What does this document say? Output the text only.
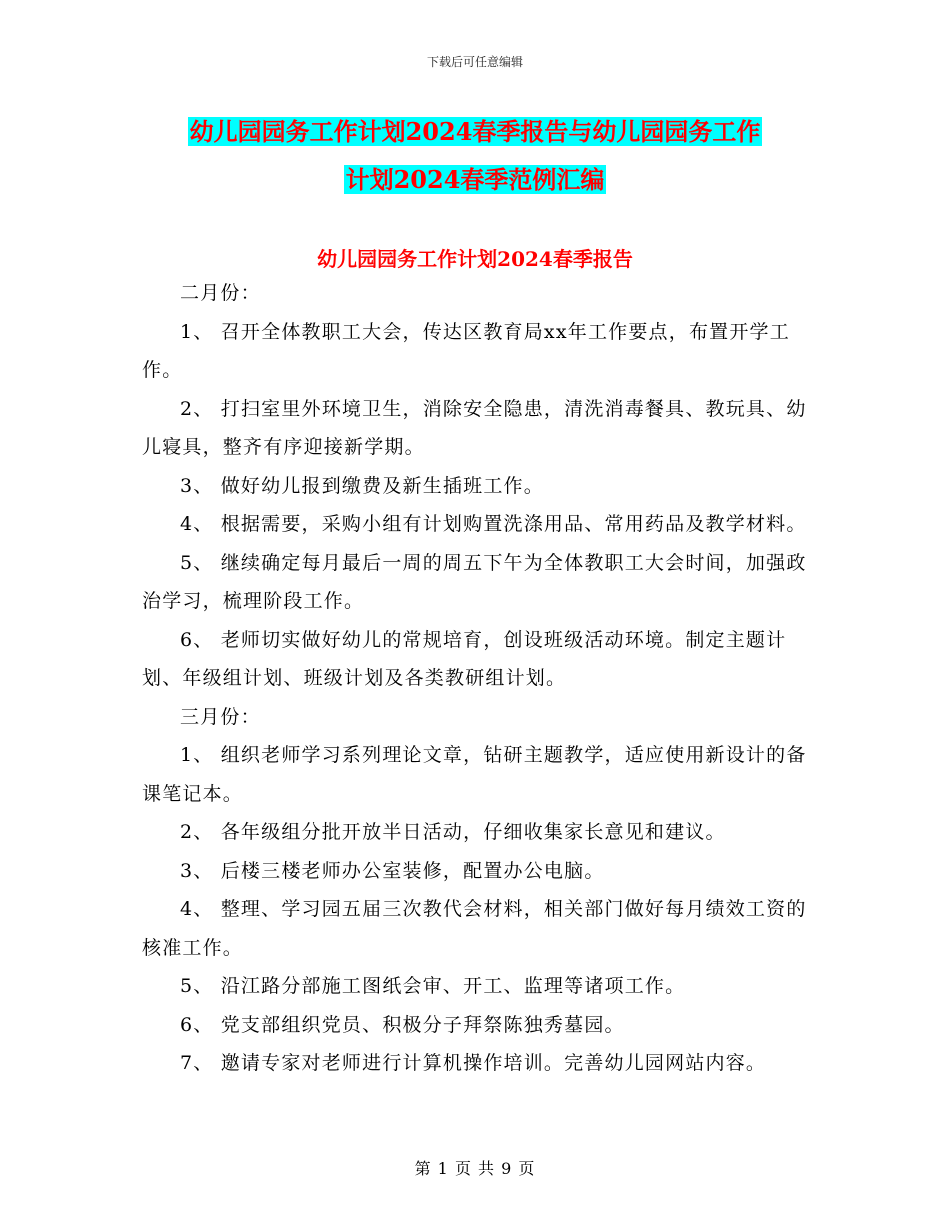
下载后可任意编辑
幼儿园园务工作计划2024春季报告与幼儿园园务工作
计划2024春季范例汇编
幼儿园园务工作计划2024春季报告

二月份：

1、 召开全体教职工大会，传达区教育局xx年工作要点，布置开学工作。

2、 打扫室里外环境卫生，消除安全隐患，清洗消毒餐具、教玩具、幼儿寝具，整齐有序迎接新学期。

3、 做好幼儿报到缴费及新生插班工作。

4、 根据需要，采购小组有计划购置洗涤用品、常用药品及教学材料。

5、 继续确定每月最后一周的周五下午为全体教职工大会时间，加强政治学习，梳理阶段工作。

6、 老师切实做好幼儿的常规培育，创设班级活动环境。制定主题计划、年级组计划、班级计划及各类教研组计划。

三月份：

1、 组织老师学习系列理论文章，钻研主题教学，适应使用新设计的备课笔记本。

2、 各年级组分批开放半日活动，仔细收集家长意见和建议。

3、 后楼三楼老师办公室装修，配置办公电脑。

4、 整理、学习园五届三次教代会材料，相关部门做好每月绩效工资的核准工作。

5、 沿江路分部施工图纸会审、开工、监理等诸项工作。

6、 党支部组织党员、积极分子拜祭陈独秀墓园。

7、 邀请专家对老师进行计算机操作培训。完善幼儿园网站内容。

第 1 页 共 9 页
